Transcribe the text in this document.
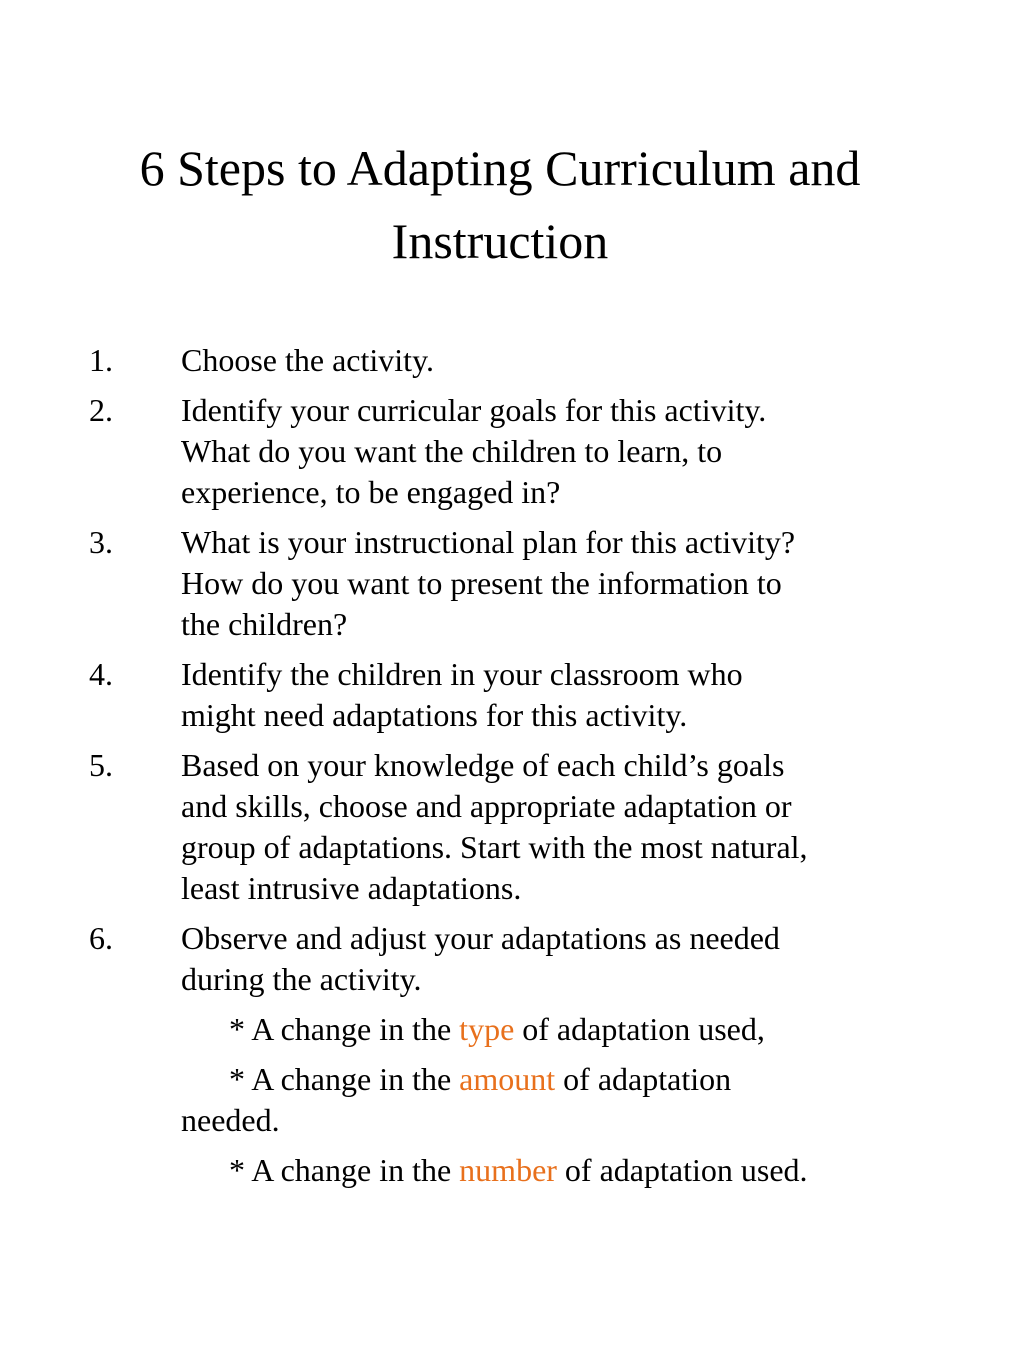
6 Steps to Adapting Curriculum and
Instruction
1. Choose the activity.
2. Identify your curricular goals for this activity.
What do you want the children to learn, to
experience, to be engaged in?
3. What is your instructional plan for this activity?
How do you want to present the information to
the children?
4. Identify the children in your classroom who
might need adaptations for this activity.
5. Based on your knowledge of each child’s goals
and skills, choose and appropriate adaptation or
group of adaptations. Start with the most natural,
least intrusive adaptations.
6. Observe and adjust your adaptations as needed
during the activity.
* A change in the type of adaptation used,
* A change in the amount of adaptation
needed.
* A change in the number of adaptation used.
